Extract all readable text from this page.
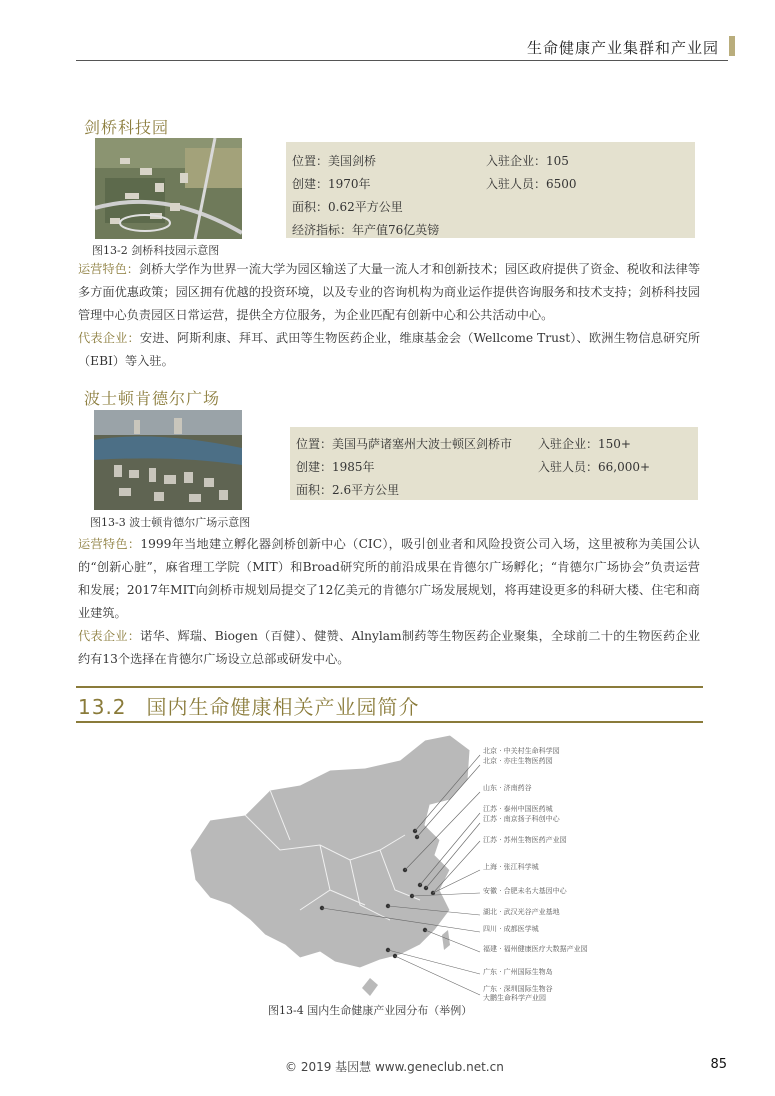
生命健康产业集群和产业园
剑桥科技园
图13-2 剑桥科技园示意图
位置：美国剑桥	入驻企业：105
创建：1970年	入驻人员：6500
面积：0.62平方公里
经济指标：年产值76亿英镑
运营特色：剑桥大学作为世界一流大学为园区输送了大量一流人才和创新技术；园区政府提供了资金、税收和法律等多方面优惠政策；园区拥有优越的投资环境，以及专业的咨询机构为商业运作提供咨询服务和技术支持；剑桥科技园管理中心负责园区日常运营，提供全方位服务，为企业匹配有创新中心和公共活动中心。
代表企业：安进、阿斯利康、拜耳、武田等生物医药企业，维康基金会（Wellcome Trust）、欧洲生物信息研究所（EBI）等入驻。
波士顿肯德尔广场
图13-3 波士顿肯德尔广场示意图
位置：美国马萨诸塞州大波士顿区剑桥市 入驻企业：150+
创建：1985年	入驻人员：66,000+
面积：2.6平方公里
运营特色：1999年当地建立孵化器剑桥创新中心（CIC），吸引创业者和风险投资公司入场，这里被称为美国公认的“创新心脏”，麻省理工学院（MIT）和Broad研究所的前沿成果在肯德尔广场孵化；“肯德尔广场协会”负责运营和发展；2017年MIT向剑桥市规划局提交了12亿美元的肯德尔广场发展规划，将再建设更多的科研大楼、住宅和商业建筑。
代表企业：诺华、辉瑞、Biogen（百健）、健赞、Alnylam制药等生物医药企业聚集，全球前二十的生物医药企业约有13个选择在肯德尔广场设立总部或研发中心。
13.2 国内生命健康相关产业园简介
北京 · 中关村生命科学园
北京 · 亦庄生物医药园
山东 · 济南药谷
江苏 · 泰州中国医药城
江苏 · 南京扬子科创中心
江苏 · 苏州生物医药产业园
上海 · 张江科学城
安徽 · 合肥未名大基因中心
湖北 · 武汉光谷产业基地
四川 · 成都医学城
福建 · 福州健康医疗大数据产业园
广东 · 广州国际生物岛
广东 · 深圳国际生物谷
大鹏生命科学产业园
图13-4 国内生命健康产业园分布（举例）
© 2019 基因慧 www.geneclub.net.cn	85
